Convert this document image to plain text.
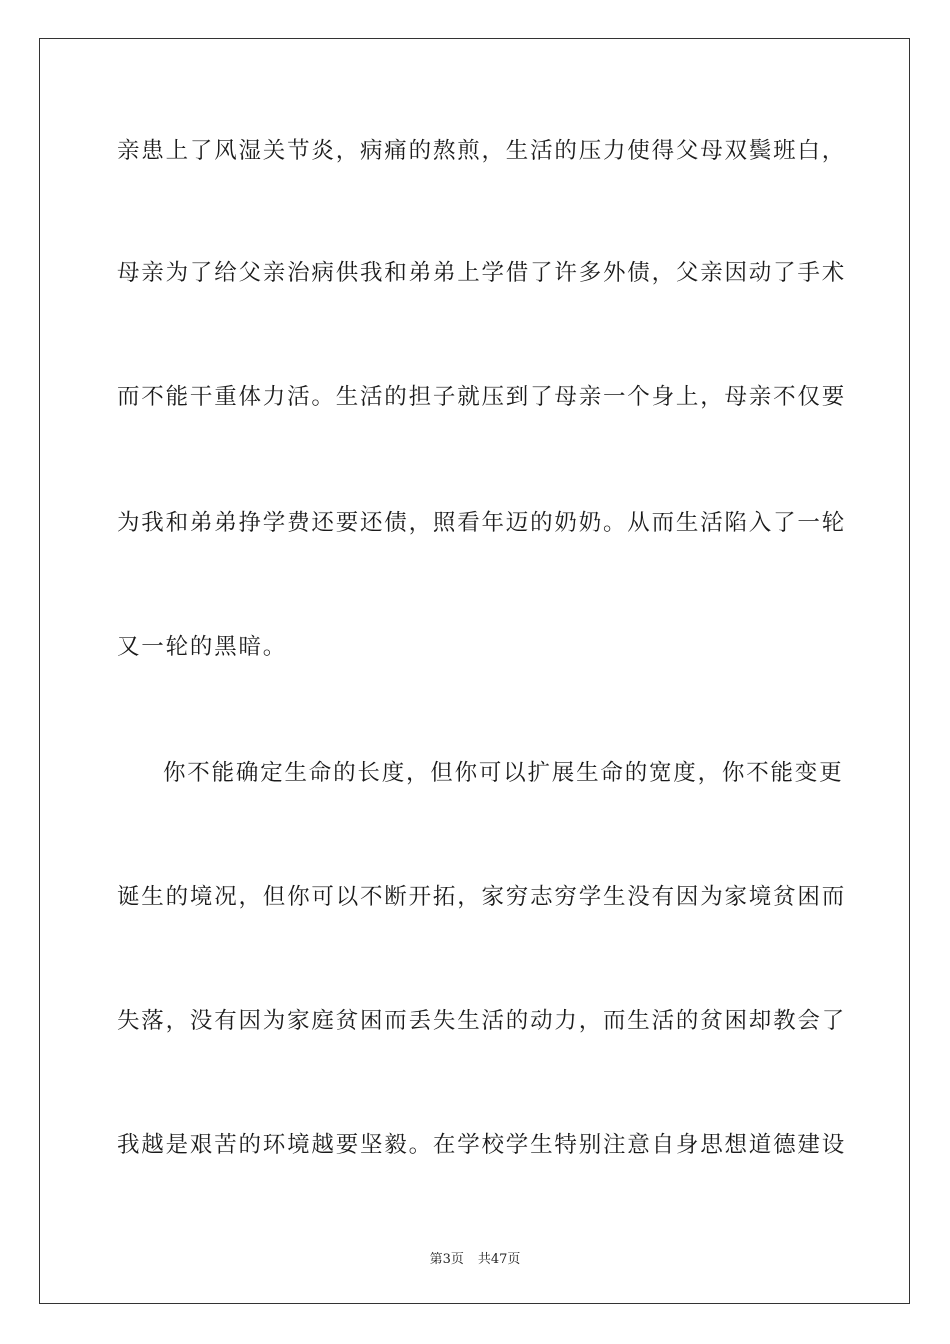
亲患上了风湿关节炎，病痛的熬煎，生活的压力使得父母双鬓班白，

母亲为了给父亲治病供我和弟弟上学借了许多外债，父亲因动了手术

而不能干重体力活。生活的担子就压到了母亲一个身上，母亲不仅要

为我和弟弟挣学费还要还债，照看年迈的奶奶。从而生活陷入了一轮

又一轮的黑暗。

你不能确定生命的长度，但你可以扩展生命的宽度，你不能变更

诞生的境况，但你可以不断开拓，家穷志穷学生没有因为家境贫困而

失落，没有因为家庭贫困而丢失生活的动力，而生活的贫困却教会了

我越是艰苦的环境越要坚毅。在学校学生特别注意自身思想道德建设

第3页 共47页
